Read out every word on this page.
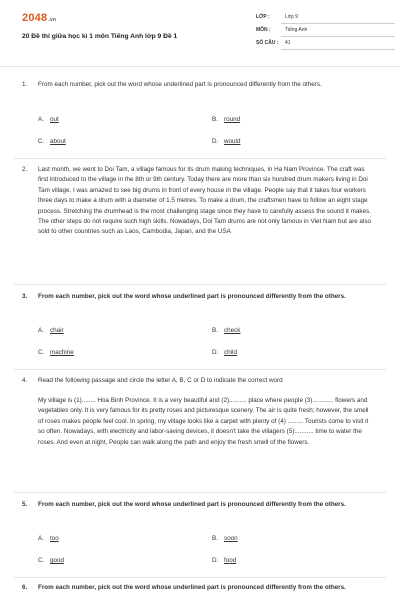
2048.vn
20 Đề thi giữa học kì 1 môn Tiếng Anh lớp 9 Đề 1
LỚP :	Lớp 9
MÔN :	Tiếng Anh
SỐ CÂU :	41
1.	From each number, pick out the word whose underlined part is pronounced differently from the others.
A. out	B. round
C. about	D. would
2.	Last month, we went to Doi Tam, a village famous for its drum making techniques, in Ha Nam Province. The craft was first introduced to the village in the 8th or 9th century. Today there are more than six hundred drum makers living in Doi Tam village. I was amazed to see big drums in front of every house in the village. People say that it takes four workers three days to make a drum with a diameter of 1.5 metres. To make a drum, the craftsmen have to follow an eight stage process. Stretching the drumhead is the most challenging stage since they have to carefully assess the sound it makes. The other steps do not require such high skills. Nowadays, Doi Tam drums are not only famous in Viet Nam but are also sold to other countries such as Laos, Cambodia, Japan, and the USA
3.	From each number, pick out the word whose underlined part is pronounced differently from the others.
A. chair	B. check
C. machine	D. child
4.	Read the following passage and circle the letter A, B, C or D to indicate the correct word
My village is (1)........ Hoa Binh Province. It is a very beautiful and (2).......... place where people (3)............ flowers and vegetables only. It is very famous for its pretty roses and picturesque scenery. The air is quite fresh; however, the smell of roses makes people feel cool. In spring, my village looks like a carpet with plenty of (4) ......... Tourists come to visit it so often. Nowadays, with electricity and labor-saving devices, it doesn't take the villagers (5)........... time to water the roses. And even at night, People can walk along the path and enjoy the fresh smell of the flowers.
5.	From each number, pick out the word whose underlined part is pronounced differently from the others.
A. too	B. soon
C. good	D. food
6.	From each number, pick out the word whose underlined part is pronounced differently from the others.
